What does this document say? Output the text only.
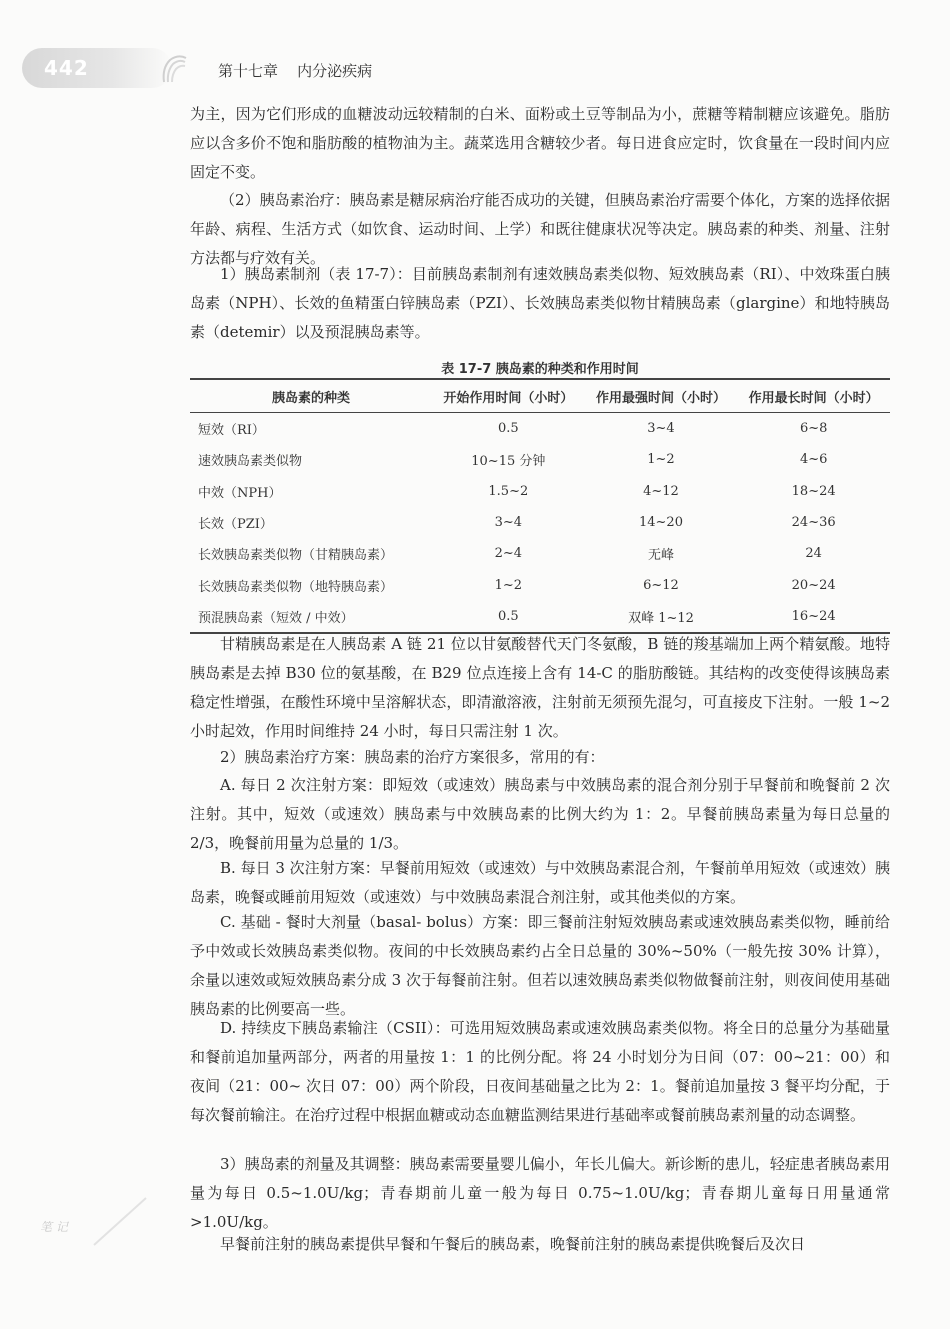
442	第十七章    内分泌疾病

为主，因为它们形成的血糖波动远较精制的白米、面粉或土豆等制品为小，蔗糖等精制糖应该避免。脂肪应以含多价不饱和脂肪酸的植物油为主。蔬菜选用含糖较少者。每日进食应定时，饮食量在一段时间内应固定不变。

（2）胰岛素治疗：胰岛素是糖尿病治疗能否成功的关键，但胰岛素治疗需要个体化，方案的选择依据年龄、病程、生活方式（如饮食、运动时间、上学）和既往健康状况等决定。胰岛素的种类、剂量、注射方法都与疗效有关。

1）胰岛素制剂（表 17-7）：目前胰岛素制剂有速效胰岛素类似物、短效胰岛素（RI）、中效珠蛋白胰岛素（NPH）、长效的鱼精蛋白锌胰岛素（PZI）、长效胰岛素类似物甘精胰岛素（glargine）和地特胰岛素（detemir）以及预混胰岛素等。

表 17-7 胰岛素的种类和作用时间
胰岛素的种类	开始作用时间（小时）	作用最强时间（小时）	作用最长时间（小时）
短效（RI）	0.5	3~4	6~8
速效胰岛素类似物	10~15 分钟	1~2	4~6
中效（NPH）	1.5~2	4~12	18~24
长效（PZI）	3~4	14~20	24~36
长效胰岛素类似物（甘精胰岛素）	2~4	无峰	24
长效胰岛素类似物（地特胰岛素）	1~2	6~12	20~24
预混胰岛素（短效 / 中效）	0.5	双峰 1~12	16~24

甘精胰岛素是在人胰岛素 A 链 21 位以甘氨酸替代天门冬氨酸，B 链的羧基端加上两个精氨酸。地特胰岛素是去掉 B30 位的氨基酸，在 B29 位点连接上含有 14-C 的脂肪酸链。其结构的改变使得该胰岛素稳定性增强，在酸性环境中呈溶解状态，即清澈溶液，注射前无须预先混匀，可直接皮下注射。一般 1~2 小时起效，作用时间维持 24 小时，每日只需注射 1 次。

2）胰岛素治疗方案：胰岛素的治疗方案很多，常用的有：

A. 每日 2 次注射方案：即短效（或速效）胰岛素与中效胰岛素的混合剂分别于早餐前和晚餐前 2 次注射。其中，短效（或速效）胰岛素与中效胰岛素的比例大约为 1：2。早餐前胰岛素量为每日总量的 2/3，晚餐前用量为总量的 1/3。

B. 每日 3 次注射方案：早餐前用短效（或速效）与中效胰岛素混合剂，午餐前单用短效（或速效）胰岛素，晚餐或睡前用短效（或速效）与中效胰岛素混合剂注射，或其他类似的方案。

C. 基础 - 餐时大剂量（basal- bolus）方案：即三餐前注射短效胰岛素或速效胰岛素类似物，睡前给予中效或长效胰岛素类似物。夜间的中长效胰岛素约占全日总量的 30%~50%（一般先按 30% 计算），余量以速效或短效胰岛素分成 3 次于每餐前注射。但若以速效胰岛素类似物做餐前注射，则夜间使用基础胰岛素的比例要高一些。

D. 持续皮下胰岛素输注（CSII）：可选用短效胰岛素或速效胰岛素类似物。将全日的总量分为基础量和餐前追加量两部分，两者的用量按 1：1 的比例分配。将 24 小时划分为日间（07：00~21：00）和夜间（21：00~ 次日 07：00）两个阶段，日夜间基础量之比为 2：1。餐前追加量按 3 餐平均分配，于每次餐前输注。在治疗过程中根据血糖或动态血糖监测结果进行基础率或餐前胰岛素剂量的动态调整。

3）胰岛素的剂量及其调整：胰岛素需要量婴儿偏小，年长儿偏大。新诊断的患儿，轻症患者胰岛素用量为每日 0.5~1.0U/kg；青春期前儿童一般为每日 0.75~1.0U/kg；青春期儿童每日用量通常 >1.0U/kg。

早餐前注射的胰岛素提供早餐和午餐后的胰岛素，晚餐前注射的胰岛素提供晚餐后及次日

笔 记
